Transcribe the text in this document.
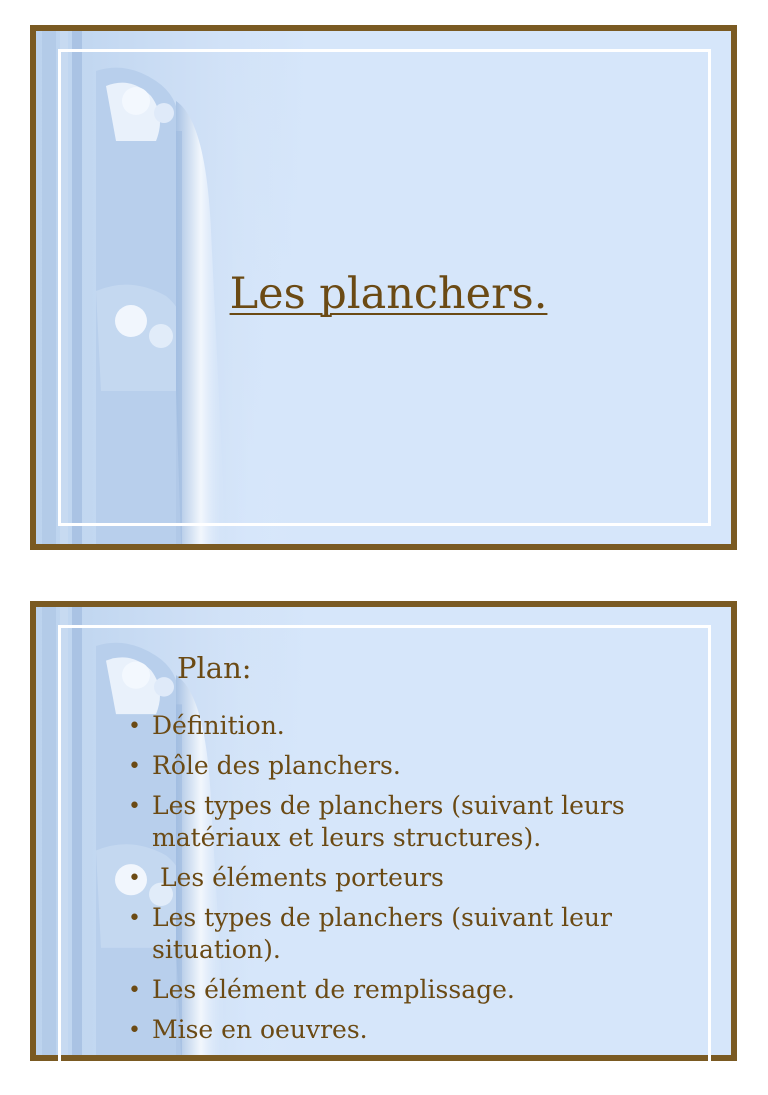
Les planchers.
Plan:
• Définition.
• Rôle des planchers.
• Les types de planchers (suivant leurs matériaux et leurs structures).
• Les éléments porteurs
• Les types de planchers (suivant leur situation).
• Les élément de remplissage.
• Mise en oeuvres.
